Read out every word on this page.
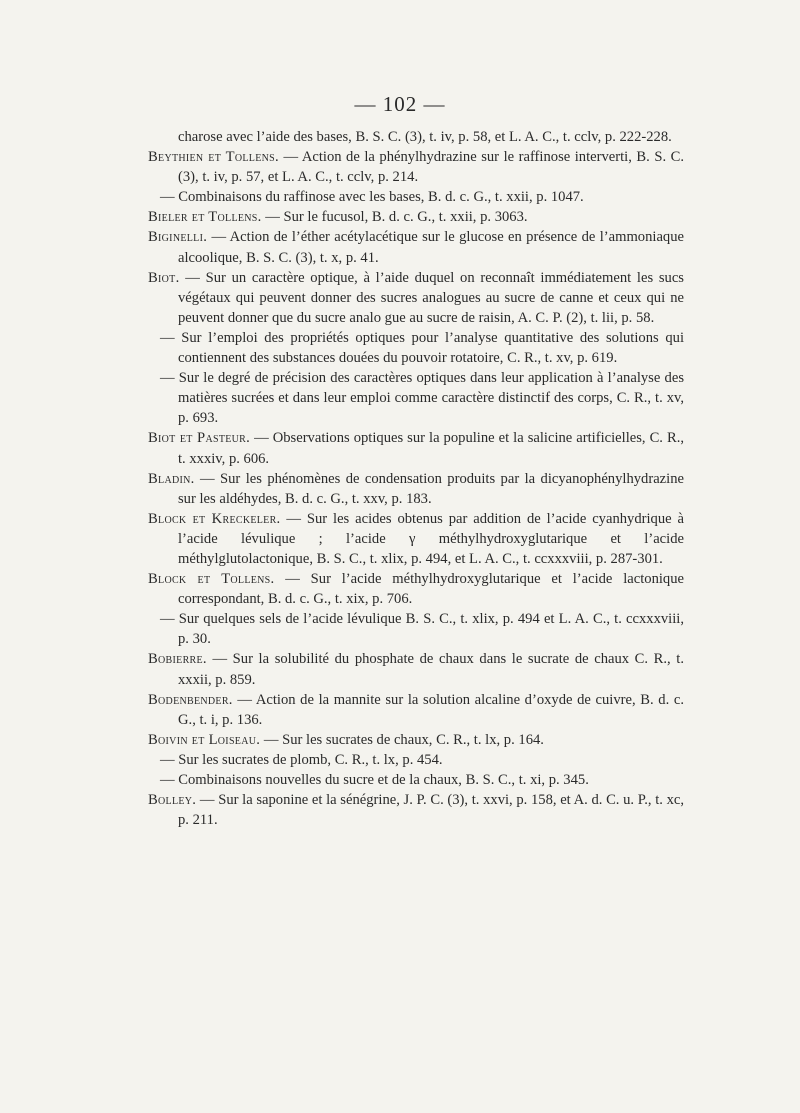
— 102 —
charose avec l’aide des bases, B. S. C. (3), t. iv, p. 58, et L. A. C., t. cclv, p. 222-228.
Beythien et Tollens. — Action de la phénylhydrazine sur le raffinose interverti, B. S. C. (3), t. iv, p. 57, et L. A. C., t. cclv, p. 214.
— Combinaisons du raffinose avec les bases, B. d. c. G., t. xxii, p. 1047.
Bieler et Tollens. — Sur le fucusol, B. d. c. G., t. xxii, p. 3063.
Biginelli. — Action de l’éther acétylacétique sur le glucose en présence de l’ammoniaque alcoolique, B. S. C. (3), t. x, p. 41.
Biot. — Sur un caractère optique, à l’aide duquel on reconnaît immédiatement les sucs végétaux qui peuvent donner des sucres analogues au sucre de canne et ceux qui ne peuvent donner que du sucre analo gue au sucre de raisin, A. C. P. (2), t. lii, p. 58.
— Sur l’emploi des propriétés optiques pour l’analyse quantitative des solutions qui contiennent des substances douées du pouvoir rotatoire, C. R., t. xv, p. 619.
— Sur le degré de précision des caractères optiques dans leur application à l’analyse des matières sucrées et dans leur emploi comme caractère distinctif des corps, C. R., t. xv, p. 693.
Biot et Pasteur. — Observations optiques sur la populine et la salicine artificielles, C. R., t. xxxiv, p. 606.
Bladin. — Sur les phénomènes de condensation produits par la dicyanophénylhydrazine sur les aldéhydes, B. d. c. G., t. xxv, p. 183.
Block et Kreckeler. — Sur les acides obtenus par addition de l’acide cyanhydrique à l’acide lévulique ; l’acide γ méthylhydroxyglutarique et l’acide méthylglutolactonique, B. S. C., t. xlix, p. 494, et L. A. C., t. ccxxxviii, p. 287-301.
Block et Tollens. — Sur l’acide méthylhydroxyglutarique et l’acide lactonique correspondant, B. d. c. G., t. xix, p. 706.
— Sur quelques sels de l’acide lévulique B. S. C., t. xlix, p. 494 et L. A. C., t. ccxxxviii, p. 30.
Bobierre. — Sur la solubilité du phosphate de chaux dans le sucrate de chaux C. R., t. xxxii, p. 859.
Bodenbender. — Action de la mannite sur la solution alcaline d’oxyde de cuivre, B. d. c. G., t. i, p. 136.
Boivin et Loiseau. — Sur les sucrates de chaux, C. R., t. lx, p. 164.
— Sur les sucrates de plomb, C. R., t. lx, p. 454.
— Combinaisons nouvelles du sucre et de la chaux, B. S. C., t. xi, p. 345.
Bolley. — Sur la saponine et la sénégrine, J. P. C. (3), t. xxvi, p. 158, et A. d. C. u. P., t. xc, p. 211.
